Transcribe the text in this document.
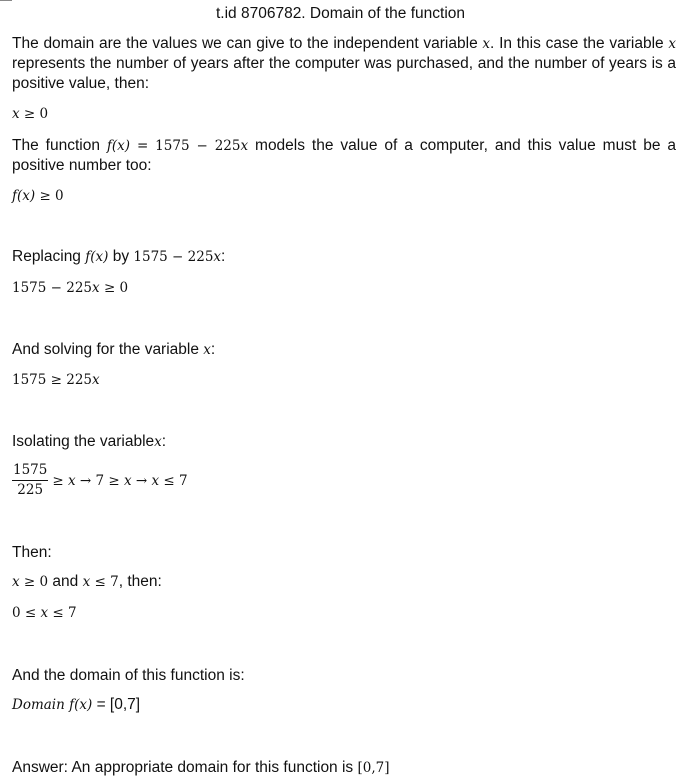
t.id 8706782. Domain of the function
The domain are the values we can give to the independent variable x. In this case the variable x represents the number of years after the computer was purchased, and the number of years is a positive value, then:
x ≥ 0
The function f(x) = 1575 − 225x models the value of a computer, and this value must be a positive number too:
f(x) ≥ 0
Replacing f(x) by 1575 − 225x:
1575 − 225x ≥ 0
And solving for the variable x:
1575 ≥ 225x
Isolating the variablex:
$\frac{1575}{225} \ge x \to 7 \ge x \to x \le 7$
Then:
x ≥ 0 and x ≤ 7, then:
0 ≤ x ≤ 7
And the domain of this function is:
Domain f(x) = [0,7]
Answer: An appropriate domain for this function is [0,7]
